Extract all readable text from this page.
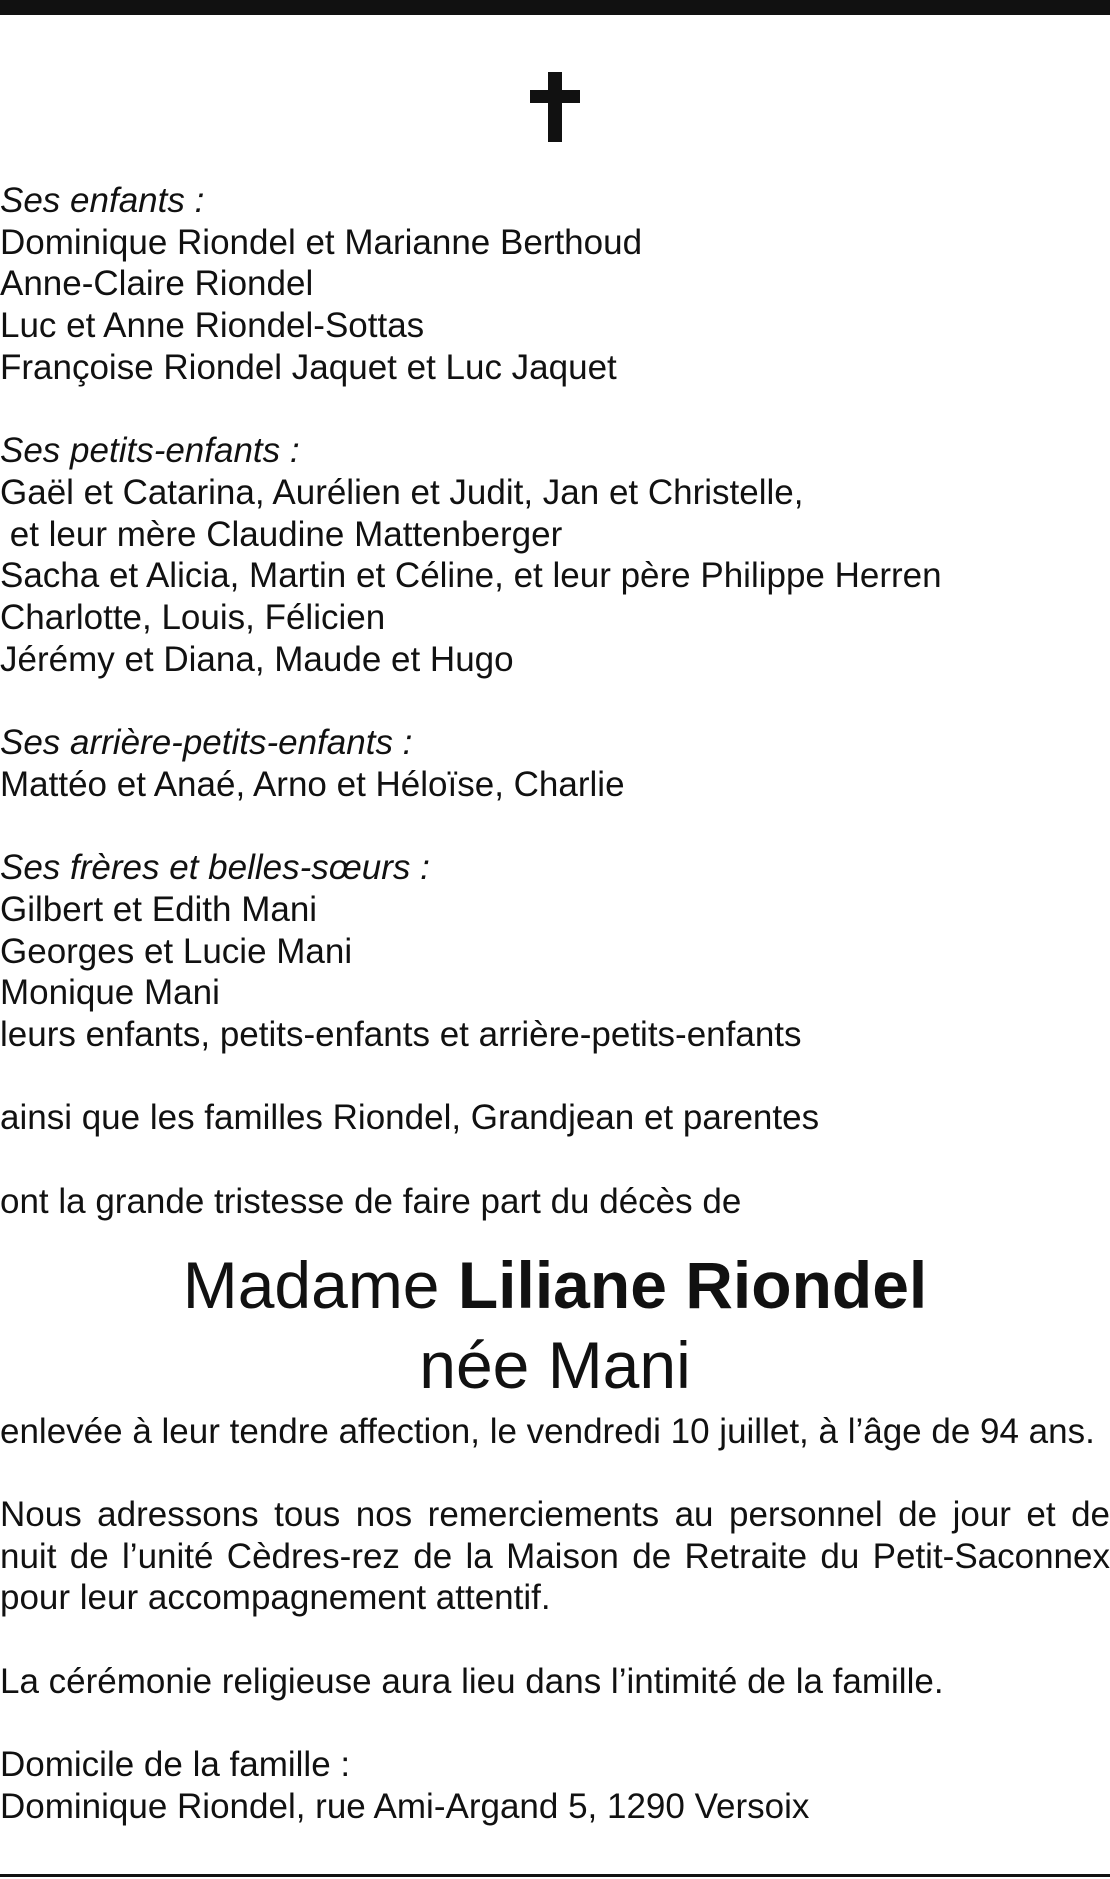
Ses enfants :

Dominique Riondel et Marianne Berthoud

Anne-Claire Riondel

Luc et Anne Riondel-Sottas

Françoise Riondel Jaquet et Luc Jaquet

Ses petits-enfants :

Gaël et Catarina, Aurélien et Judit, Jan et Christelle,

et leur mère Claudine Mattenberger

Sacha et Alicia, Martin et Céline, et leur père Philippe Herren

Charlotte, Louis, Félicien

Jérémy et Diana, Maude et Hugo

Ses arrière-petits-enfants :

Mattéo et Anaé, Arno et Héloïse, Charlie

Ses frères et belles-sœurs :

Gilbert et Edith Mani

Georges et Lucie Mani

Monique Mani

leurs enfants, petits-enfants et arrière-petits-enfants

ainsi que les familles Riondel, Grandjean et parentes

ont la grande tristesse de faire part du décès de

Madame Liliane Riondel
née Mani

enlevée à leur tendre affection, le vendredi 10 juillet, à l’âge de 94 ans.

Nous adressons tous nos remerciements au personnel de jour et de nuit de l’unité Cèdres-rez de la Maison de Retraite du Petit-Saconnex pour leur accompagnement attentif.

La cérémonie religieuse aura lieu dans l’intimité de la famille.

Domicile de la famille :

Dominique Riondel, rue Ami-Argand 5, 1290 Versoix
